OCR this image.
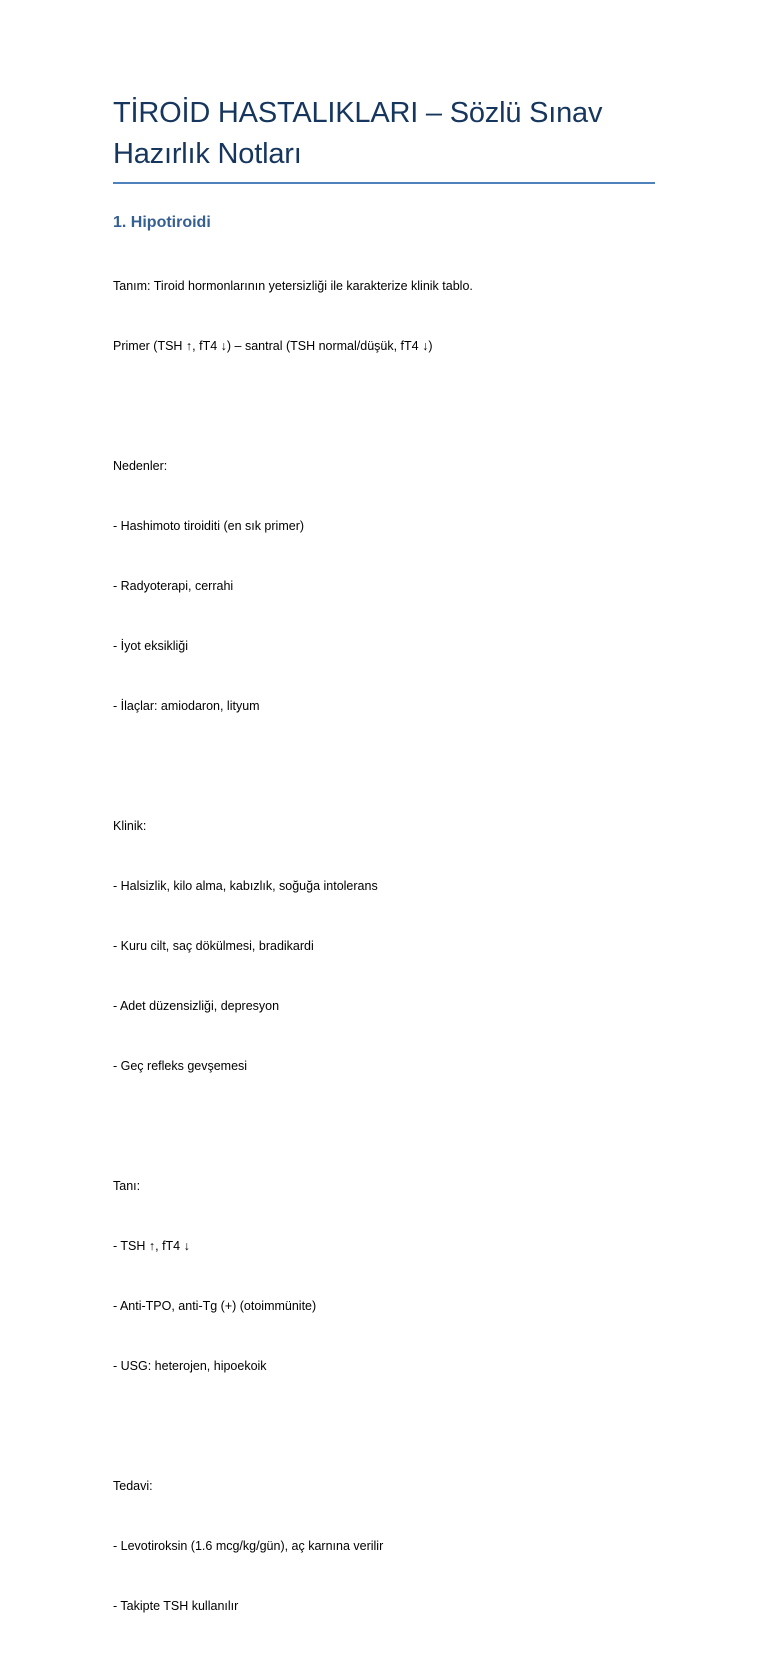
TİROİD HASTALIKLARI – Sözlü Sınav Hazırlık Notları
1. Hipotiroidi

Tanım: Tiroid hormonlarının yetersizliği ile karakterize klinik tablo.

Primer (TSH ↑, fT4 ↓) – santral (TSH normal/düşük, fT4 ↓)

Nedenler:

- Hashimoto tiroiditi (en sık primer)

- Radyoterapi, cerrahi

- İyot eksikliği

- İlaçlar: amiodaron, lityum

Klinik:

- Halsizlik, kilo alma, kabızlık, soğuğa intolerans

- Kuru cilt, saç dökülmesi, bradikardi

- Adet düzensizliği, depresyon

- Geç refleks gevşemesi

Tanı:

- TSH ↑, fT4 ↓

- Anti-TPO, anti-Tg (+) (otoimmünite)

- USG: heterojen, hipoekoik

Tedavi:

- Levotiroksin (1.6 mcg/kg/gün), aç karnına verilir

- Takipte TSH kullanılır
